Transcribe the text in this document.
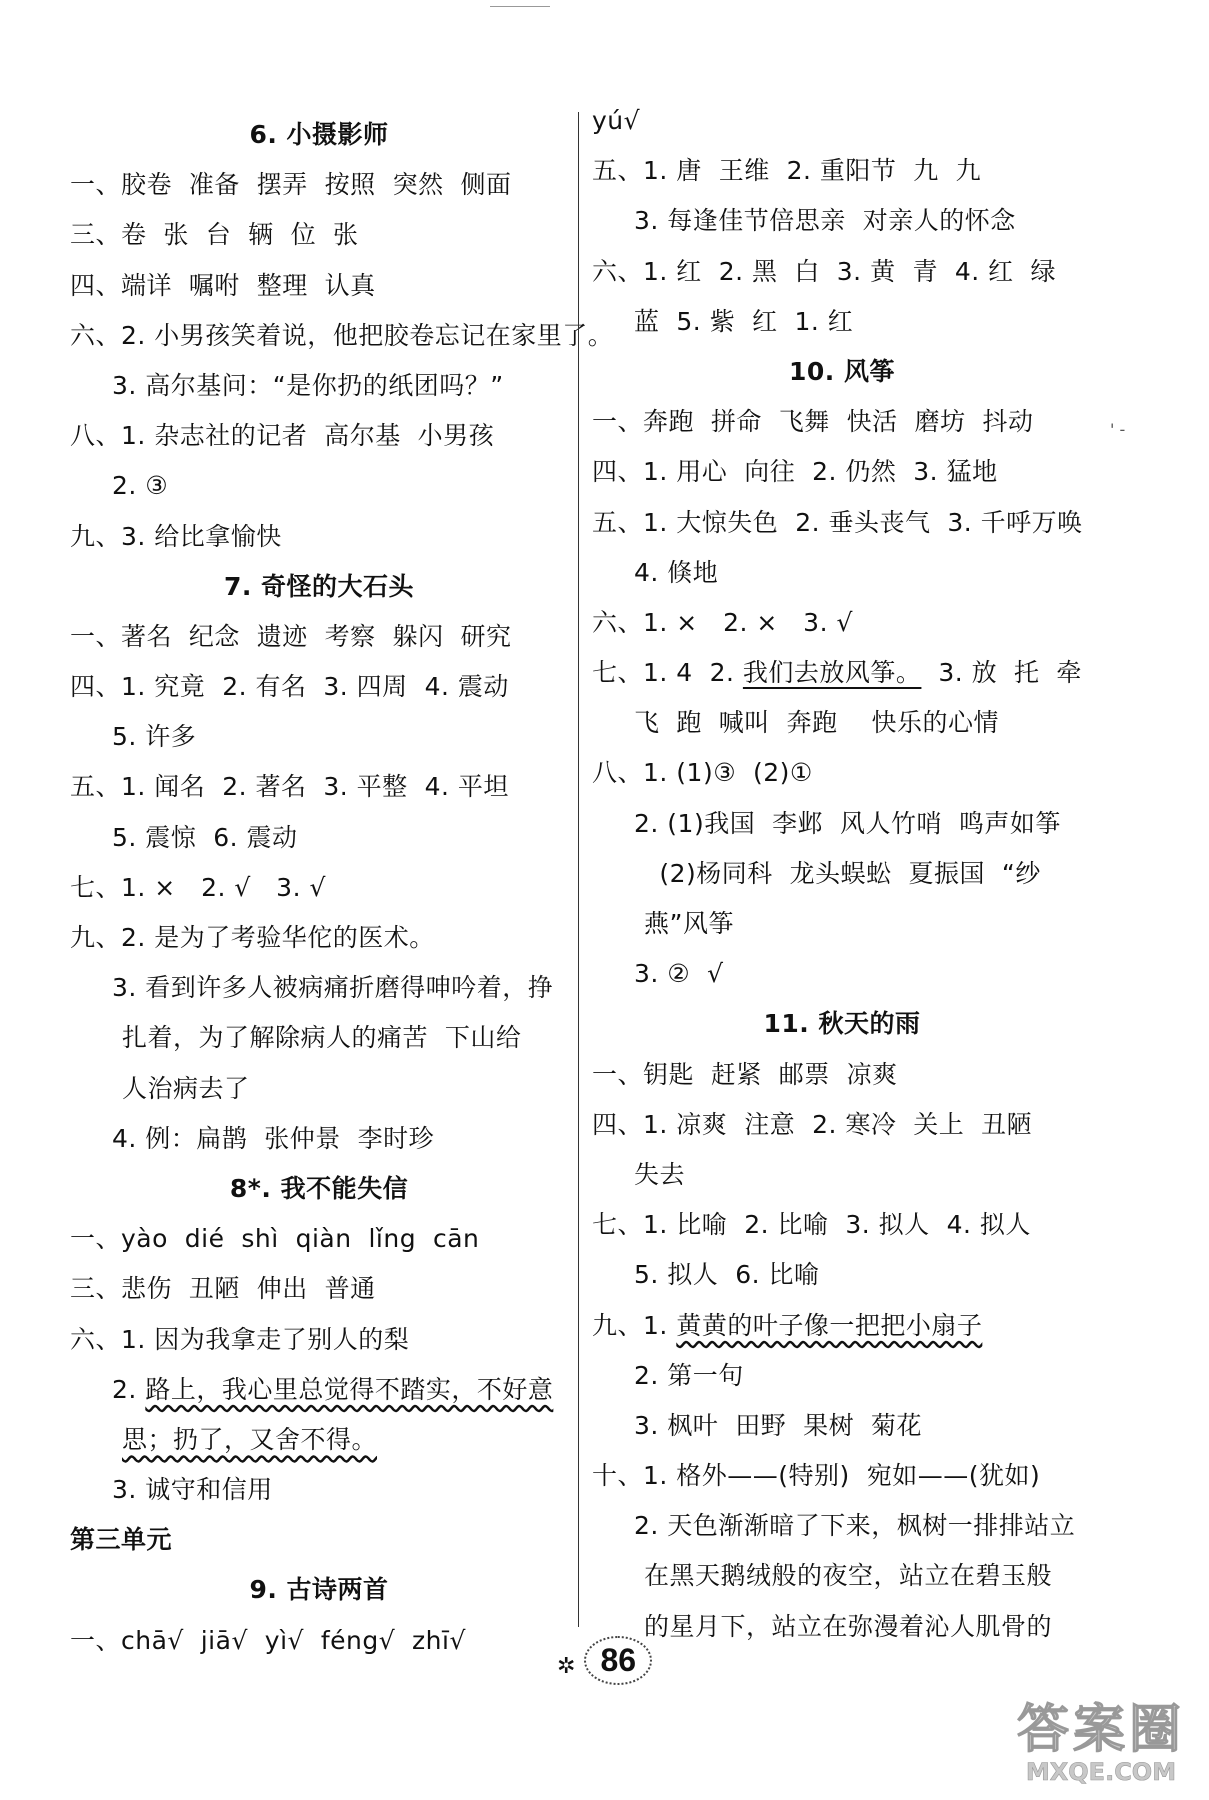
6. 小摄影师
一、胶卷  准备  摆弄  按照  突然  侧面
三、卷  张  台  辆  位  张
四、端详  嘱咐  整理  认真
六、2. 小男孩笑着说，他把胶卷忘记在家里了。
3. 高尔基问：“是你扔的纸团吗？”
八、1. 杂志社的记者  高尔基  小男孩
2. ③
九、3. 给比拿愉快
7. 奇怪的大石头
一、著名  纪念  遗迹  考察  躲闪  研究
四、1. 究竟  2. 有名  3. 四周  4. 震动
5. 许多
五、1. 闻名  2. 著名  3. 平整  4. 平坦
5. 震惊  6. 震动
七、1. ×   2. √   3. √
九、2. 是为了考验华佗的医术。
3. 看到许多人被病痛折磨得呻吟着，挣
扎着，为了解除病人的痛苦  下山给
人治病去了
4. 例：扁鹊  张仲景  李时珍
8*. 我不能失信
一、yào  dié  shì  qiàn  lǐng  cān
三、悲伤  丑陋  伸出  普通
六、1. 因为我拿走了别人的梨
2. 路上，我心里总觉得不踏实，不好意
思；扔了，又舍不得。
3. 诚守和信用
第三单元
9. 古诗两首
一、chā√  jiā√  yì√  féng√  zhī√
yú√
五、1. 唐  王维  2. 重阳节  九  九
3. 每逢佳节倍思亲  对亲人的怀念
六、1. 红  2. 黑  白  3. 黄  青  4. 红  绿
蓝  5. 紫  红  1. 红
10. 风筝
一、奔跑  拼命  飞舞  快活  磨坊  抖动
四、1. 用心  向往  2. 仍然  3. 猛地
五、1. 大惊失色  2. 垂头丧气  3. 千呼万唤
4. 倏地
六、1. ×   2. ×   3. √
七、1. 4  2. 我们去放风筝。  3. 放  托  牵
飞  跑  喊叫  奔跑    快乐的心情
八、1. (1)③  (2)①
2. (1)我国  李邺  风人竹哨  鸣声如筝
(2)杨同科  龙头蜈蚣  夏振国  “纱
燕”风筝
3. ②  √
11. 秋天的雨
一、钥匙  赶紧  邮票  凉爽
四、1. 凉爽  注意  2. 寒冷  关上  丑陋
失去
七、1. 比喻  2. 比喻  3. 拟人  4. 拟人
5. 拟人  6. 比喻
九、1. 黄黄的叶子像一把把小扇子
2. 第一句
3. 枫叶  田野  果树  菊花
十、1. 格外——(特别)  宛如——(犹如)
2. 天色渐渐暗了下来，枫树一排排站立
在黑天鹅绒般的夜空，站立在碧玉般
的星月下，站立在弥漫着沁人肌骨的
' -
✲ 86
答案圈
MXQE.COM
